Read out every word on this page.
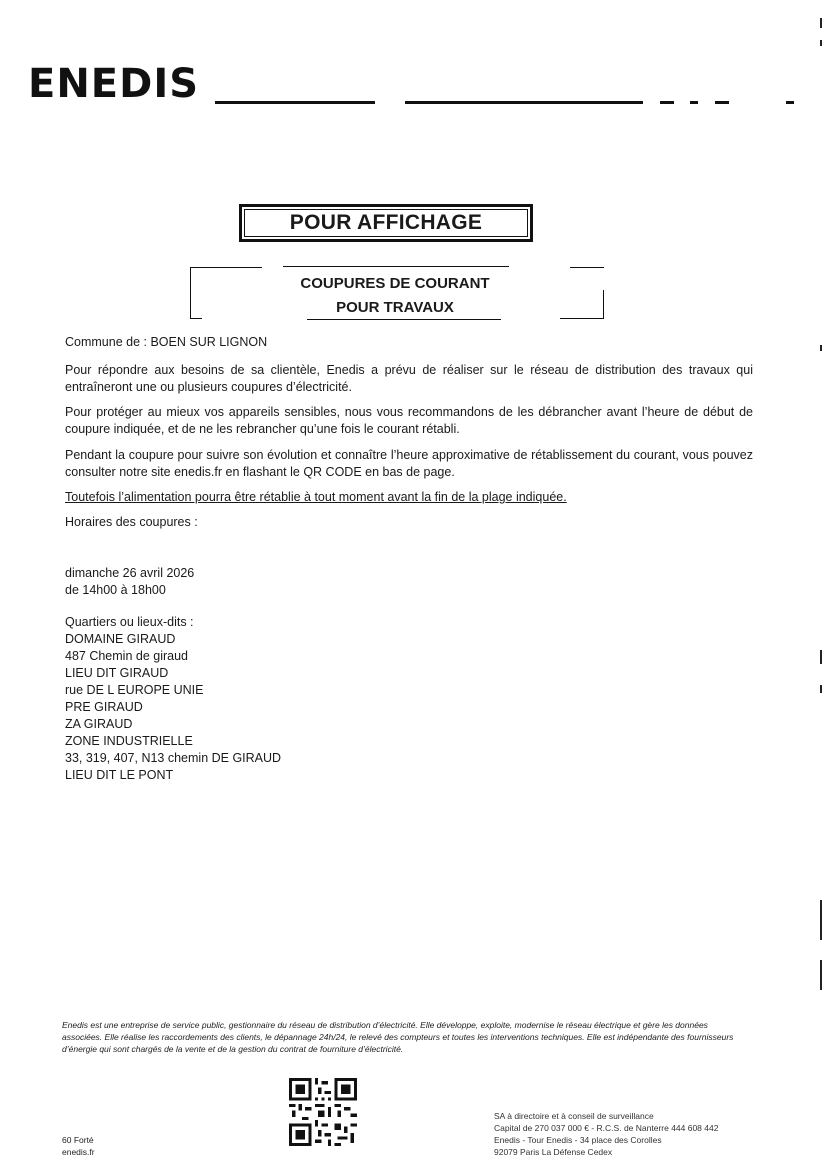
ENEDIS
POUR AFFICHAGE
COUPURES DE COURANT
POUR TRAVAUX
Commune de : BOEN SUR LIGNON
Pour répondre aux besoins de sa clientèle, Enedis a prévu de réaliser sur le réseau de distribution des travaux qui entraîneront une ou plusieurs coupures d’électricité.
Pour protéger au mieux vos appareils sensibles, nous vous recommandons de les débrancher avant l’heure de début de coupure indiquée, et de ne les rebrancher qu’une fois le courant rétabli.
Pendant la coupure pour suivre son évolution et connaître l’heure approximative de rétablissement du courant, vous pouvez consulter notre site enedis.fr en flashant le QR CODE en bas de page.
Toutefois l’alimentation pourra être rétablie à tout moment avant la fin de la plage indiquée.
Horaires des coupures :
dimanche 26 avril 2026
de 14h00 à 18h00
Quartiers ou lieux-dits :
DOMAINE GIRAUD
487 Chemin de giraud
LIEU DIT GIRAUD
rue DE L EUROPE UNIE
PRE GIRAUD
ZA GIRAUD
ZONE INDUSTRIELLE
33, 319, 407, N13 chemin DE GIRAUD
LIEU DIT LE PONT
Enedis est une entreprise de service public, gestionnaire du réseau de distribution d’électricité. Elle développe, exploite, modernise le réseau électrique et gère les données associées. Elle réalise les raccordements des clients, le dépannage 24h/24, le relevé des compteurs et toutes les interventions techniques. Elle est indépendante des fournisseurs d’énergie qui sont chargés de la vente et de la gestion du contrat de fourniture d’électricité.
60 Forté
enedis.fr
SA à directoire et à conseil de surveillance
Capital de 270 037 000 € - R.C.S. de Nanterre 444 608 442
Enedis - Tour Enedis - 34 place des Corolles
92079 Paris La Défense Cedex
